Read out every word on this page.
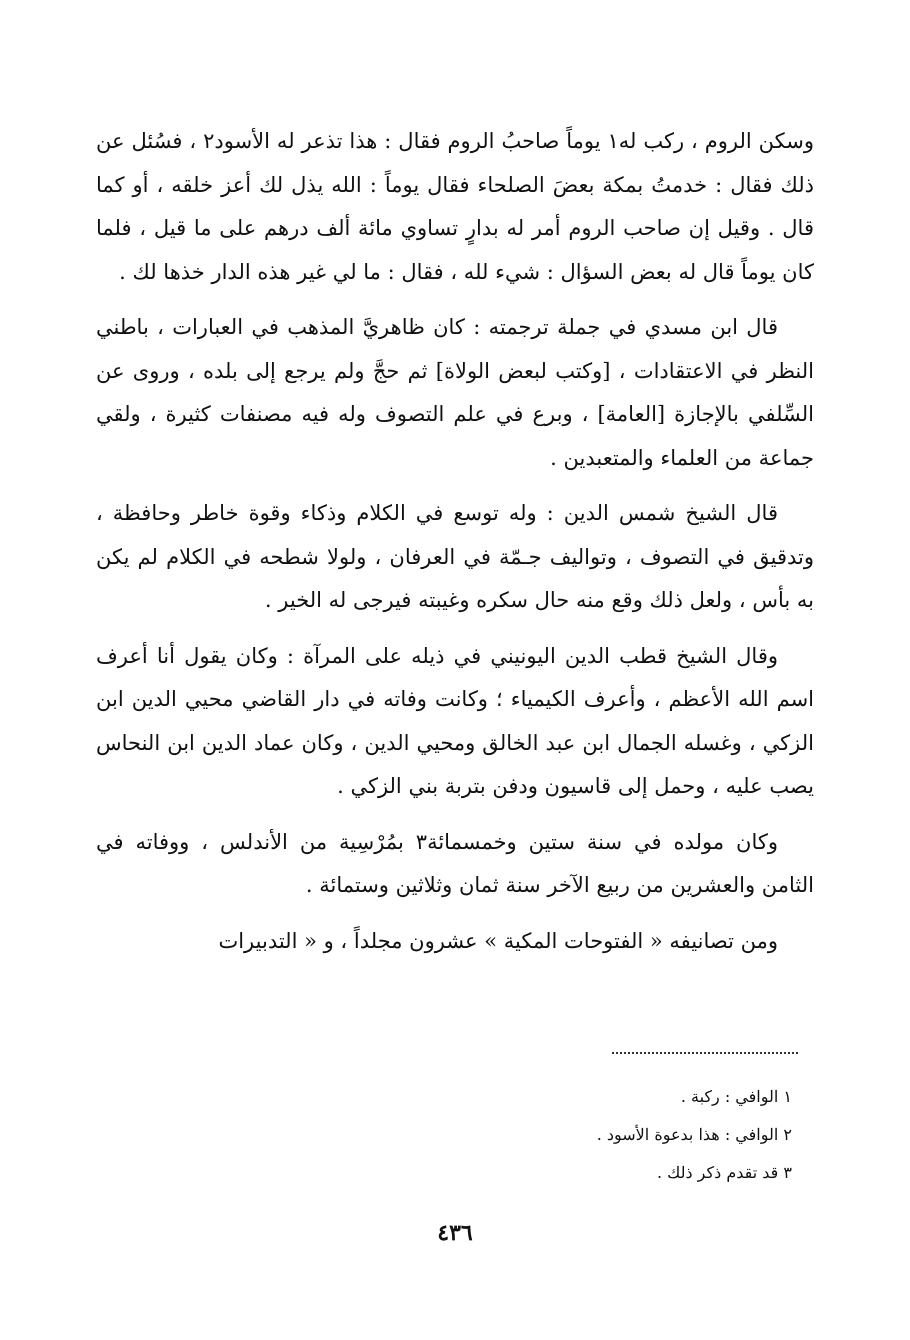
وسكن الروم ، ركب له١ يوماً صاحبُ الروم فقال : هذا تذعر له الأسود٢ ، فسُئل عن ذلك فقال : خدمتُ بمكة بعضَ الصلحاء فقال يوماً : الله يذل لك أعز خلقه ، أو كما قال . وقيل إن صاحب الروم أمر له بدارٍ تساوي مائة ألف درهم على ما قيل ، فلما كان يوماً قال له بعض السؤال : شيء لله ، فقال : ما لي غير هذه الدار خذها لك .

قال ابن مسدي في جملة ترجمته : كان ظاهريَّ المذهب في العبارات ، باطني النظر في الاعتقادات ، [وكتب لبعض الولاة] ثم حجَّ ولم يرجع إلى بلده ، وروى عن السِّلفي بالإجازة [العامة] ، وبرع في علم التصوف وله فيه مصنفات كثيرة ، ولقي جماعة من العلماء والمتعبدين .

قال الشيخ شمس الدين : وله توسع في الكلام وذكاء وقوة خاطر وحافظة ، وتدقيق في التصوف ، وتواليف جـمّة في العرفان ، ولولا شطحه في الكلام لم يكن به بأس ، ولعل ذلك وقع منه حال سكره وغيبته فيرجى له الخير .

وقال الشيخ قطب الدين اليونيني في ذيله على المرآة : وكان يقول أنا أعرف اسم الله الأعظم ، وأعرف الكيمياء ؛ وكانت وفاته في دار القاضي محيي الدين ابن الزكي ، وغسله الجمال ابن عبد الخالق ومحيي الدين ، وكان عماد الدين ابن النحاس يصب عليه ، وحمل إلى قاسيون ودفن بتربة بني الزكي .

وكان مولده في سنة ستين وخمسمائة٣ بمُرْسِية من الأندلس ، ووفاته في الثامن والعشرين من ربيع الآخر سنة ثمان وثلاثين وستمائة .

ومن تصانيفه « الفتوحات المكية » عشرون مجلداً ، و « التدبيرات

١ الوافي : ركبة .

٢ الوافي : هذا بدعوة الأسود .

٣ قد تقدم ذكر ذلك .

٤٣٦
